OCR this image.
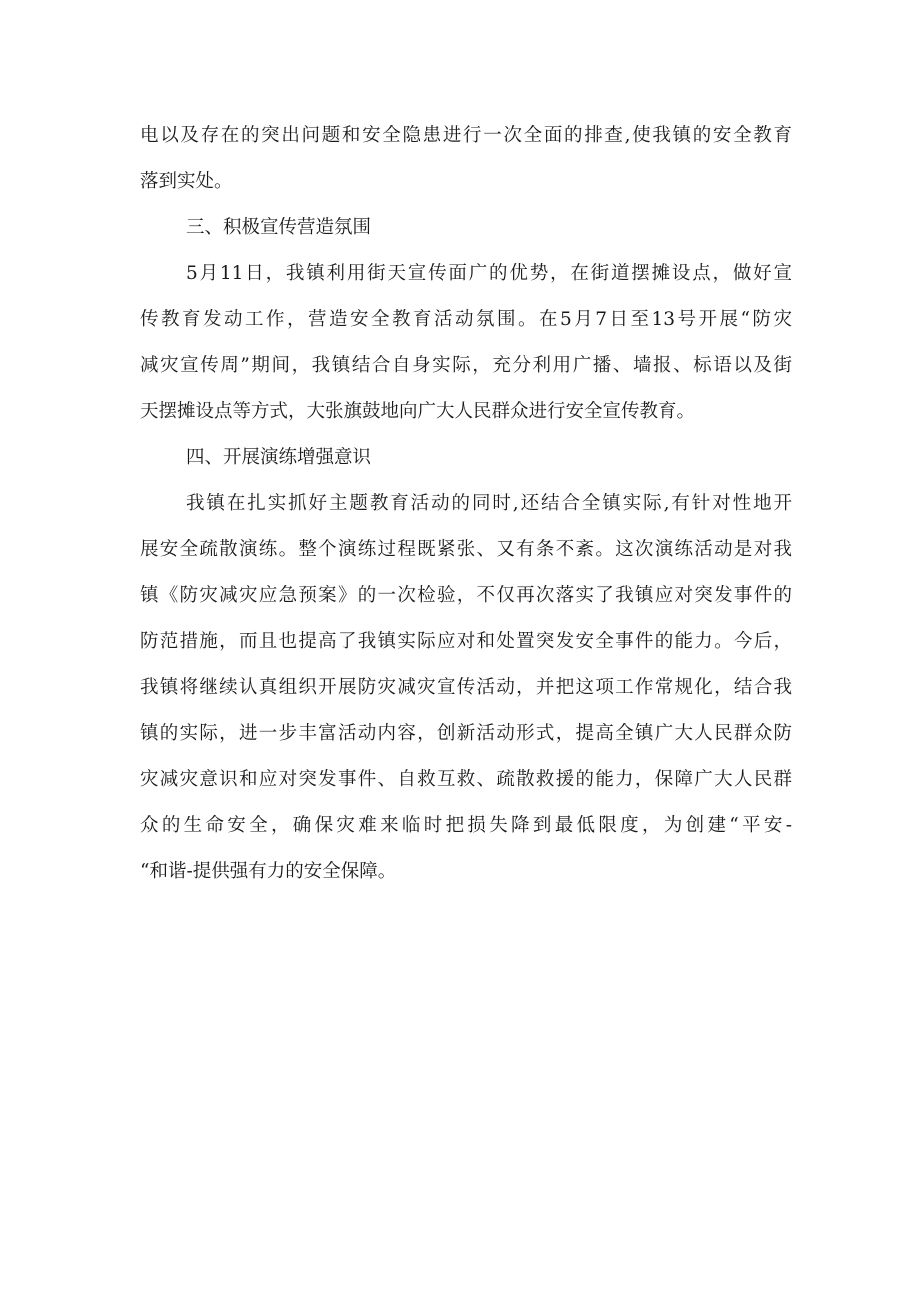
电以及存在的突出问题和安全隐患进行一次全面的排查,使我镇的安全教育
落到实处。
三、积极宣传营造氛围
5月11日，我镇利用街天宣传面广的优势，在街道摆摊设点，做好宣
传教育发动工作，营造安全教育活动氛围。在5月7日至13号开展“防灾
减灾宣传周”期间，我镇结合自身实际，充分利用广播、墙报、标语以及街
天摆摊设点等方式，大张旗鼓地向广大人民群众进行安全宣传教育。
四、开展演练增强意识
我镇在扎实抓好主题教育活动的同时,还结合全镇实际,有针对性地开
展安全疏散演练。整个演练过程既紧张、又有条不紊。这次演练活动是对我
镇《防灾减灾应急预案》的一次检验，不仅再次落实了我镇应对突发事件的
防范措施，而且也提高了我镇实际应对和处置突发安全事件的能力。今后，
我镇将继续认真组织开展防灾减灾宣传活动，并把这项工作常规化，结合我
镇的实际，进一步丰富活动内容，创新活动形式，提高全镇广大人民群众防
灾减灾意识和应对突发事件、自救互救、疏散救援的能力，保障广大人民群
众的生命安全，确保灾难来临时把损失降到最低限度，为创建“平安-
“和谐-提供强有力的安全保障。
